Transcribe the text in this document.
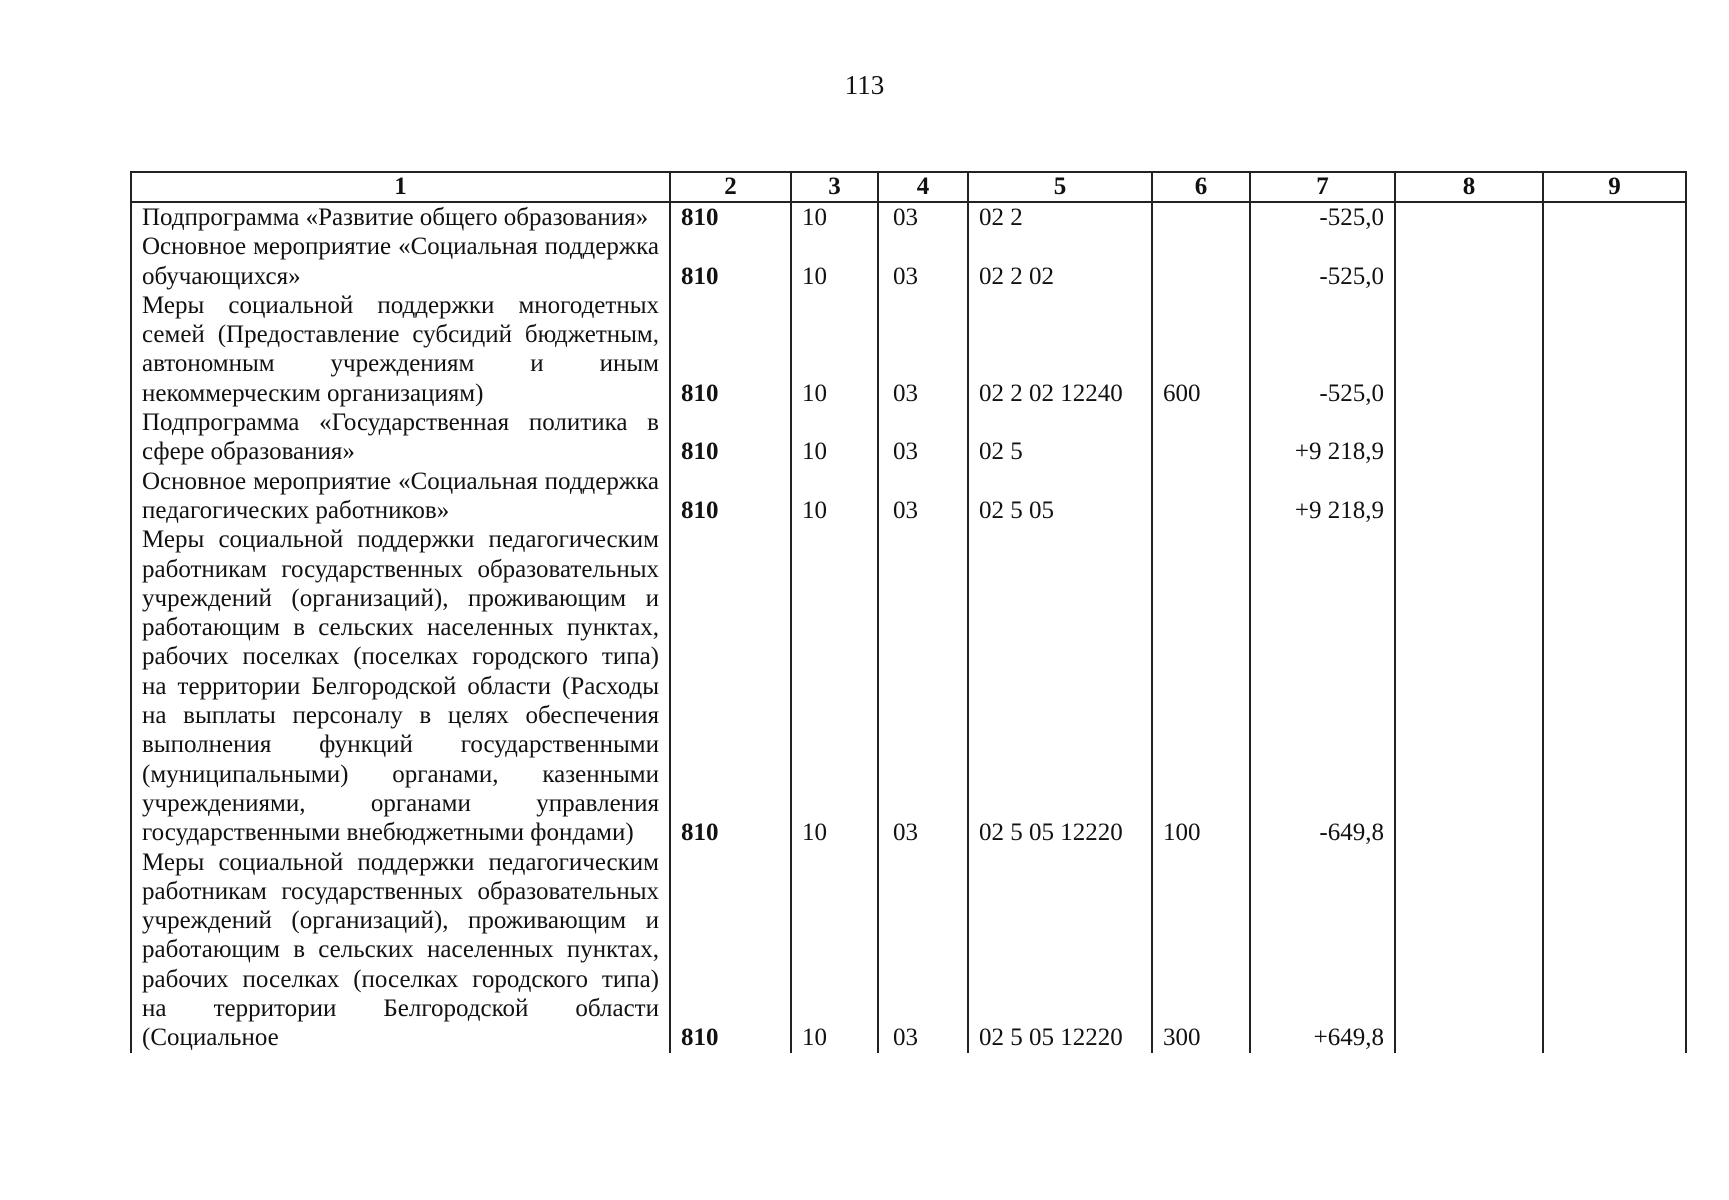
113
1	2	3	4	5	6	7	8	9
Подпрограмма «Развитие общего образования»	810	10	03	02 2		-525,0		
Основное мероприятие «Социальная поддержка обучающихся»	810	10	03	02 2 02		-525,0		
Меры социальной поддержки многодетных семей (Предоставление субсидий бюджетным, автономным учреждениям и иным некоммерческим организациям)	810	10	03	02 2 02 12240	600	-525,0		
Подпрограмма «Государственная политика в сфере образования»	810	10	03	02 5		+9 218,9		
Основное мероприятие «Социальная поддержка педагогических работников»	810	10	03	02 5 05		+9 218,9		
Меры социальной поддержки педагогическим работникам государственных образовательных учреждений (организаций), проживающим и работающим в сельских населенных пунктах, рабочих поселках (поселках городского типа) на территории Белгородской области (Расходы на выплаты персоналу в целях обеспечения выполнения функций государственными (муниципальными) органами, казенными учреждениями, органами управления государственными внебюджетными фондами)	810	10	03	02 5 05 12220	100	-649,8		
Меры социальной поддержки педагогическим работникам государственных образовательных учреждений (организаций), проживающим и работающим в сельских населенных пунктах, рабочих поселках (поселках городского типа) на территории Белгородской области (Социальное	810	10	03	02 5 05 12220	300	+649,8		
